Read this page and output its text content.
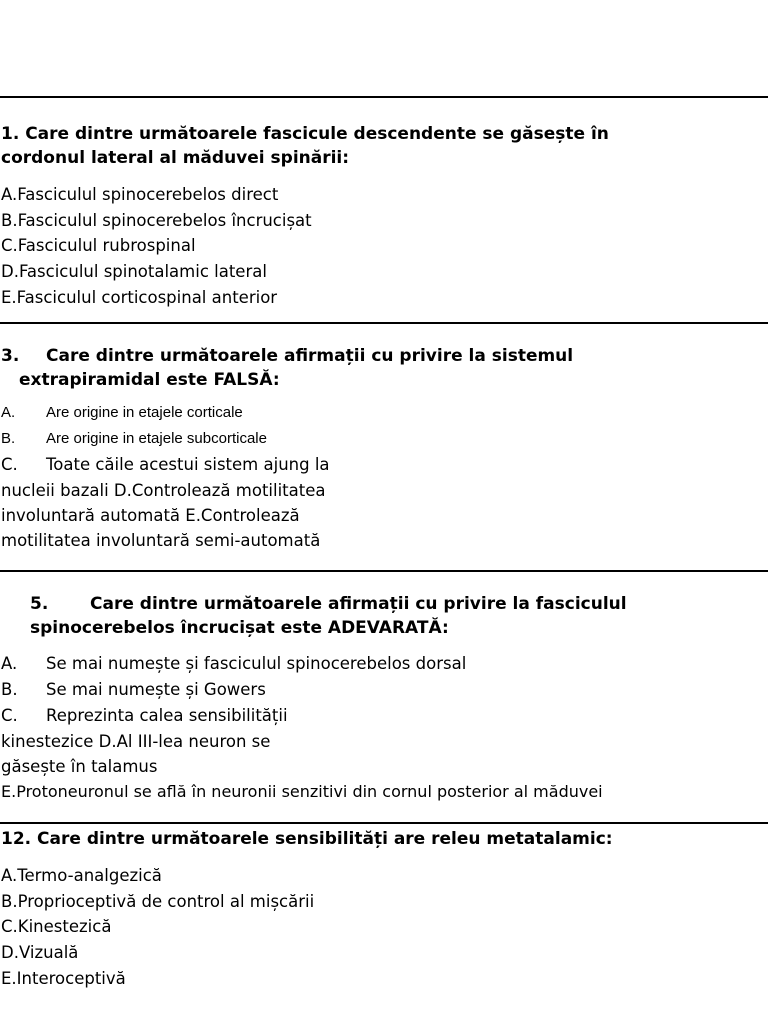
1. Care dintre următoarele fascicule descendente se găsește în
cordonul lateral al măduvei spinării:
A.Fasciculul spinocerebelos direct
B.Fasciculul spinocerebelos încrucișat
C.Fasciculul rubrospinal
D.Fasciculul spinotalamic lateral
E.Fasciculul corticospinal anterior
3. Care dintre următoarele afirmații cu privire la sistemul
extrapiramidal este FALSĂ:
A. Are origine in etajele corticale
B. Are origine in etajele subcorticale
C. Toate căile acestui sistem ajung la
nucleii bazali D.Controlează motilitatea
involuntară automată E.Controlează
motilitatea involuntară semi-automată
5. Care dintre următoarele afirmații cu privire la fasciculul
spinocerebelos încrucișat este ADEVARATĂ:
A. Se mai numește și fasciculul spinocerebelos dorsal
B. Se mai numește și Gowers
C. Reprezinta calea sensibilității
kinestezice D.Al III-lea neuron se
găsește în talamus
E.Protoneuronul se află în neuronii senzitivi din cornul posterior al măduvei
12. Care dintre următoarele sensibilități are releu metatalamic:
A.Termo-analgezică
B.Proprioceptivă de control al mișcării
C.Kinestezică
D.Vizuală
E.Interoceptivă
